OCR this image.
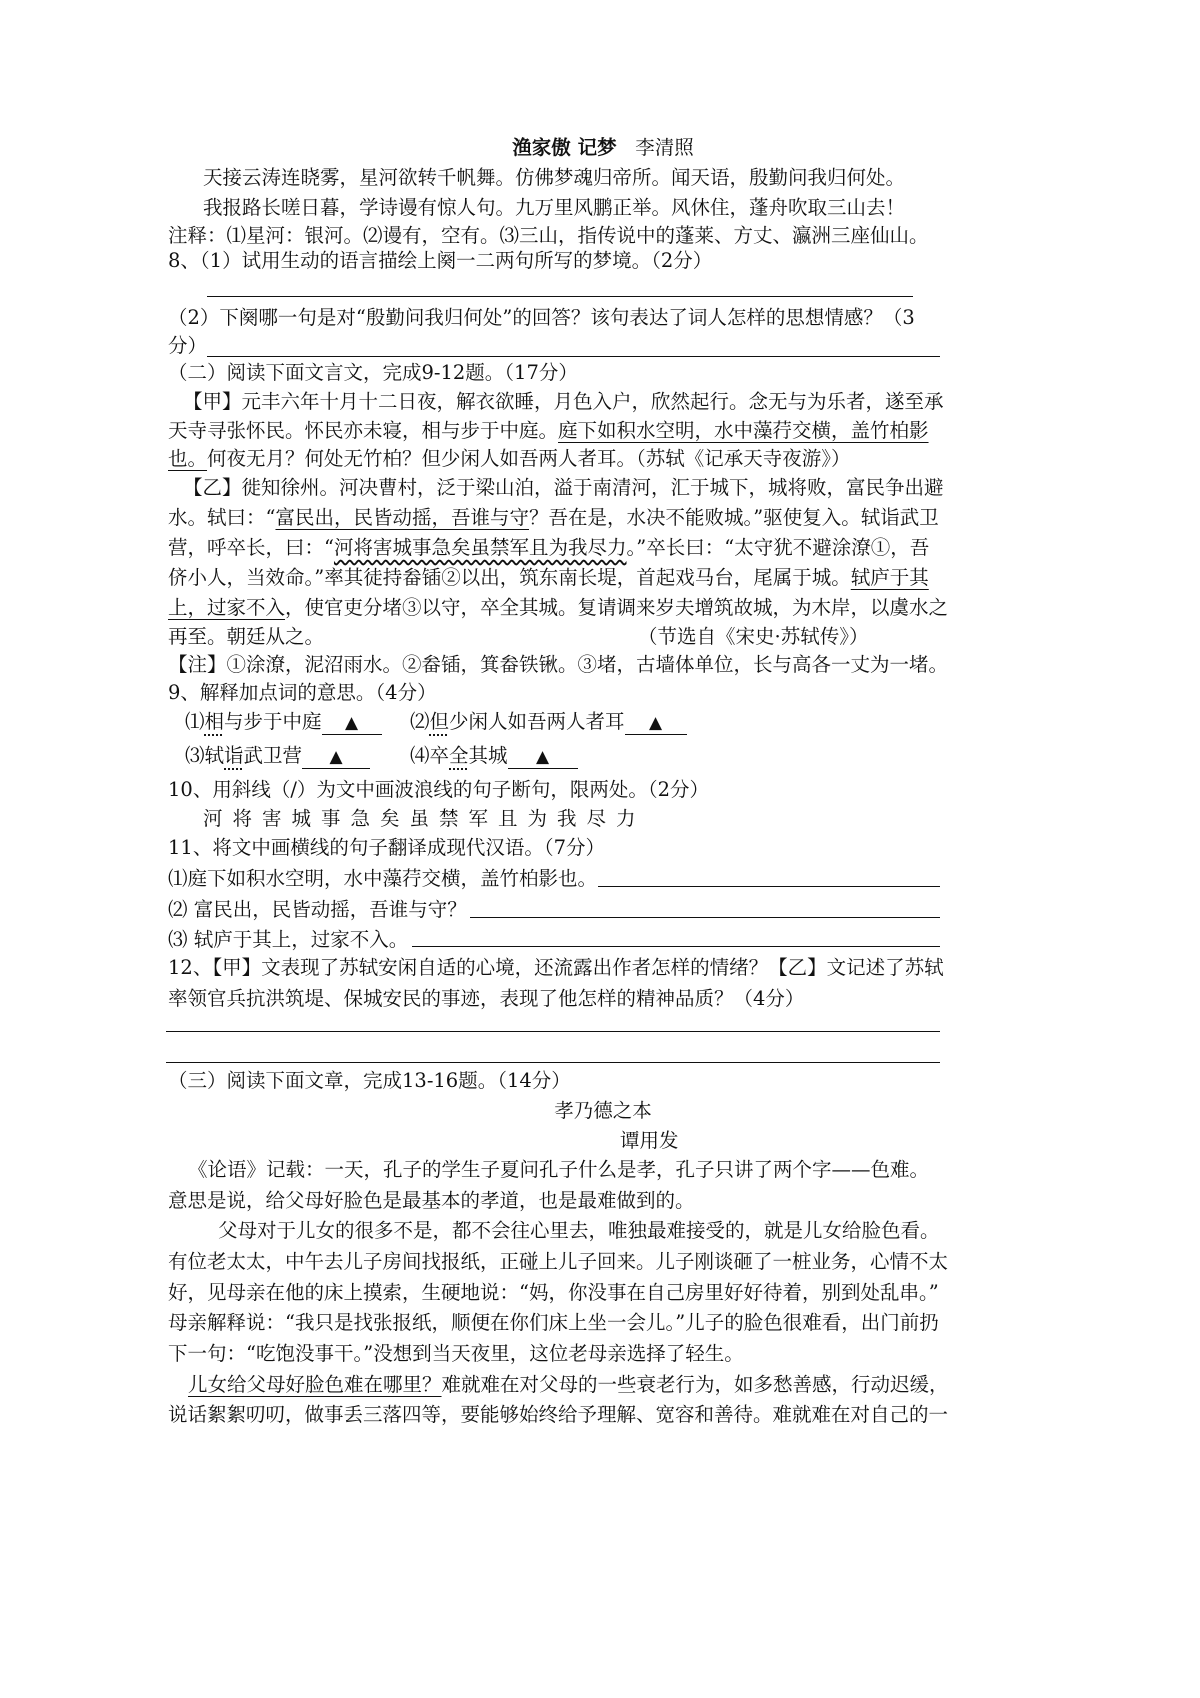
渔家傲 记梦 李清照
天接云涛连晓雾，星河欲转千帆舞。仿佛梦魂归帝所。闻天语，殷勤问我归何处。
我报路长嗟日暮，学诗谩有惊人句。九万里风鹏正举。风休住，蓬舟吹取三山去！
注释：⑴星河：银河。⑵谩有，空有。⑶三山，指传说中的蓬莱、方丈、瀛洲三座仙山。
8、（1）试用生动的语言描绘上阕一二两句所写的梦境。（2分）
（2）下阕哪一句是对“殷勤问我归何处”的回答？该句表达了词人怎样的思想情感？（3
分）
（二）阅读下面文言文，完成9-12题。（17分）
【甲】元丰六年十月十二日夜，解衣欲睡，月色入户，欣然起行。念无与为乐者，遂至承
天寺寻张怀民。怀民亦未寝，相与步于中庭。庭下如积水空明，水中藻荇交横，盖竹柏影
也。何夜无月？何处无竹柏？但少闲人如吾两人者耳。（苏轼《记承天寺夜游》）
【乙】徙知徐州。河决曹村，泛于梁山泊，溢于南清河，汇于城下，城将败，富民争出避
水。轼曰：“富民出，民皆动摇，吾谁与守？吾在是，水决不能败城。”驱使复入。轼诣武卫
营，呼卒长，曰：“河将害城事急矣虽禁军且为我尽力。”卒长曰：“太守犹不避涂潦①，吾
侪小人，当效命。”率其徒持畚锸②以出，筑东南长堤，首起戏马台，尾属于城。轼庐于其
上，过家不入，使官吏分堵③以守，卒全其城。复请调来岁夫增筑故城，为木岸，以虞水之
再至。朝廷从之。	（节选自《宋史·苏轼传》）
【注】①涂潦，泥沼雨水。②畚锸，箕畚铁锹。③堵，古墙体单位，长与高各一丈为一堵。
9、解释加点词的意思。（4分）
⑴相与步于中庭 ▲	⑵但少闲人如吾两人者耳 ▲
⑶轼诣武卫营 ▲	⑷卒全其城 ▲
10、用斜线（/）为文中画波浪线的句子断句，限两处。（2分）
河将害城事急矣虽禁军且为我尽力
11、将文中画横线的句子翻译成现代汉语。（7分）
⑴庭下如积水空明，水中藻荇交横，盖竹柏影也。
⑵ 富民出，民皆动摇，吾谁与守？
⑶ 轼庐于其上，过家不入。
12、【甲】文表现了苏轼安闲自适的心境，还流露出作者怎样的情绪？【乙】文记述了苏轼
率领官兵抗洪筑堤、保城安民的事迹，表现了他怎样的精神品质？（4分）
（三）阅读下面文章，完成13-16题。（14分）
孝乃德之本
谭用发
《论语》记载：一天，孔子的学生子夏问孔子什么是孝，孔子只讲了两个字——色难。
意思是说，给父母好脸色是最基本的孝道，也是最难做到的。
父母对于儿女的很多不是，都不会往心里去，唯独最难接受的，就是儿女给脸色看。
有位老太太，中午去儿子房间找报纸，正碰上儿子回来。儿子刚谈砸了一桩业务，心情不太
好，见母亲在他的床上摸索，生硬地说：“妈，你没事在自己房里好好待着，别到处乱串。”
母亲解释说：“我只是找张报纸，顺便在你们床上坐一会儿。”儿子的脸色很难看，出门前扔
下一句：“吃饱没事干。”没想到当天夜里，这位老母亲选择了轻生。
儿女给父母好脸色难在哪里？难就难在对父母的一些衰老行为，如多愁善感，行动迟缓，
说话絮絮叨叨，做事丢三落四等，要能够始终给予理解、宽容和善待。难就难在对自己的一
